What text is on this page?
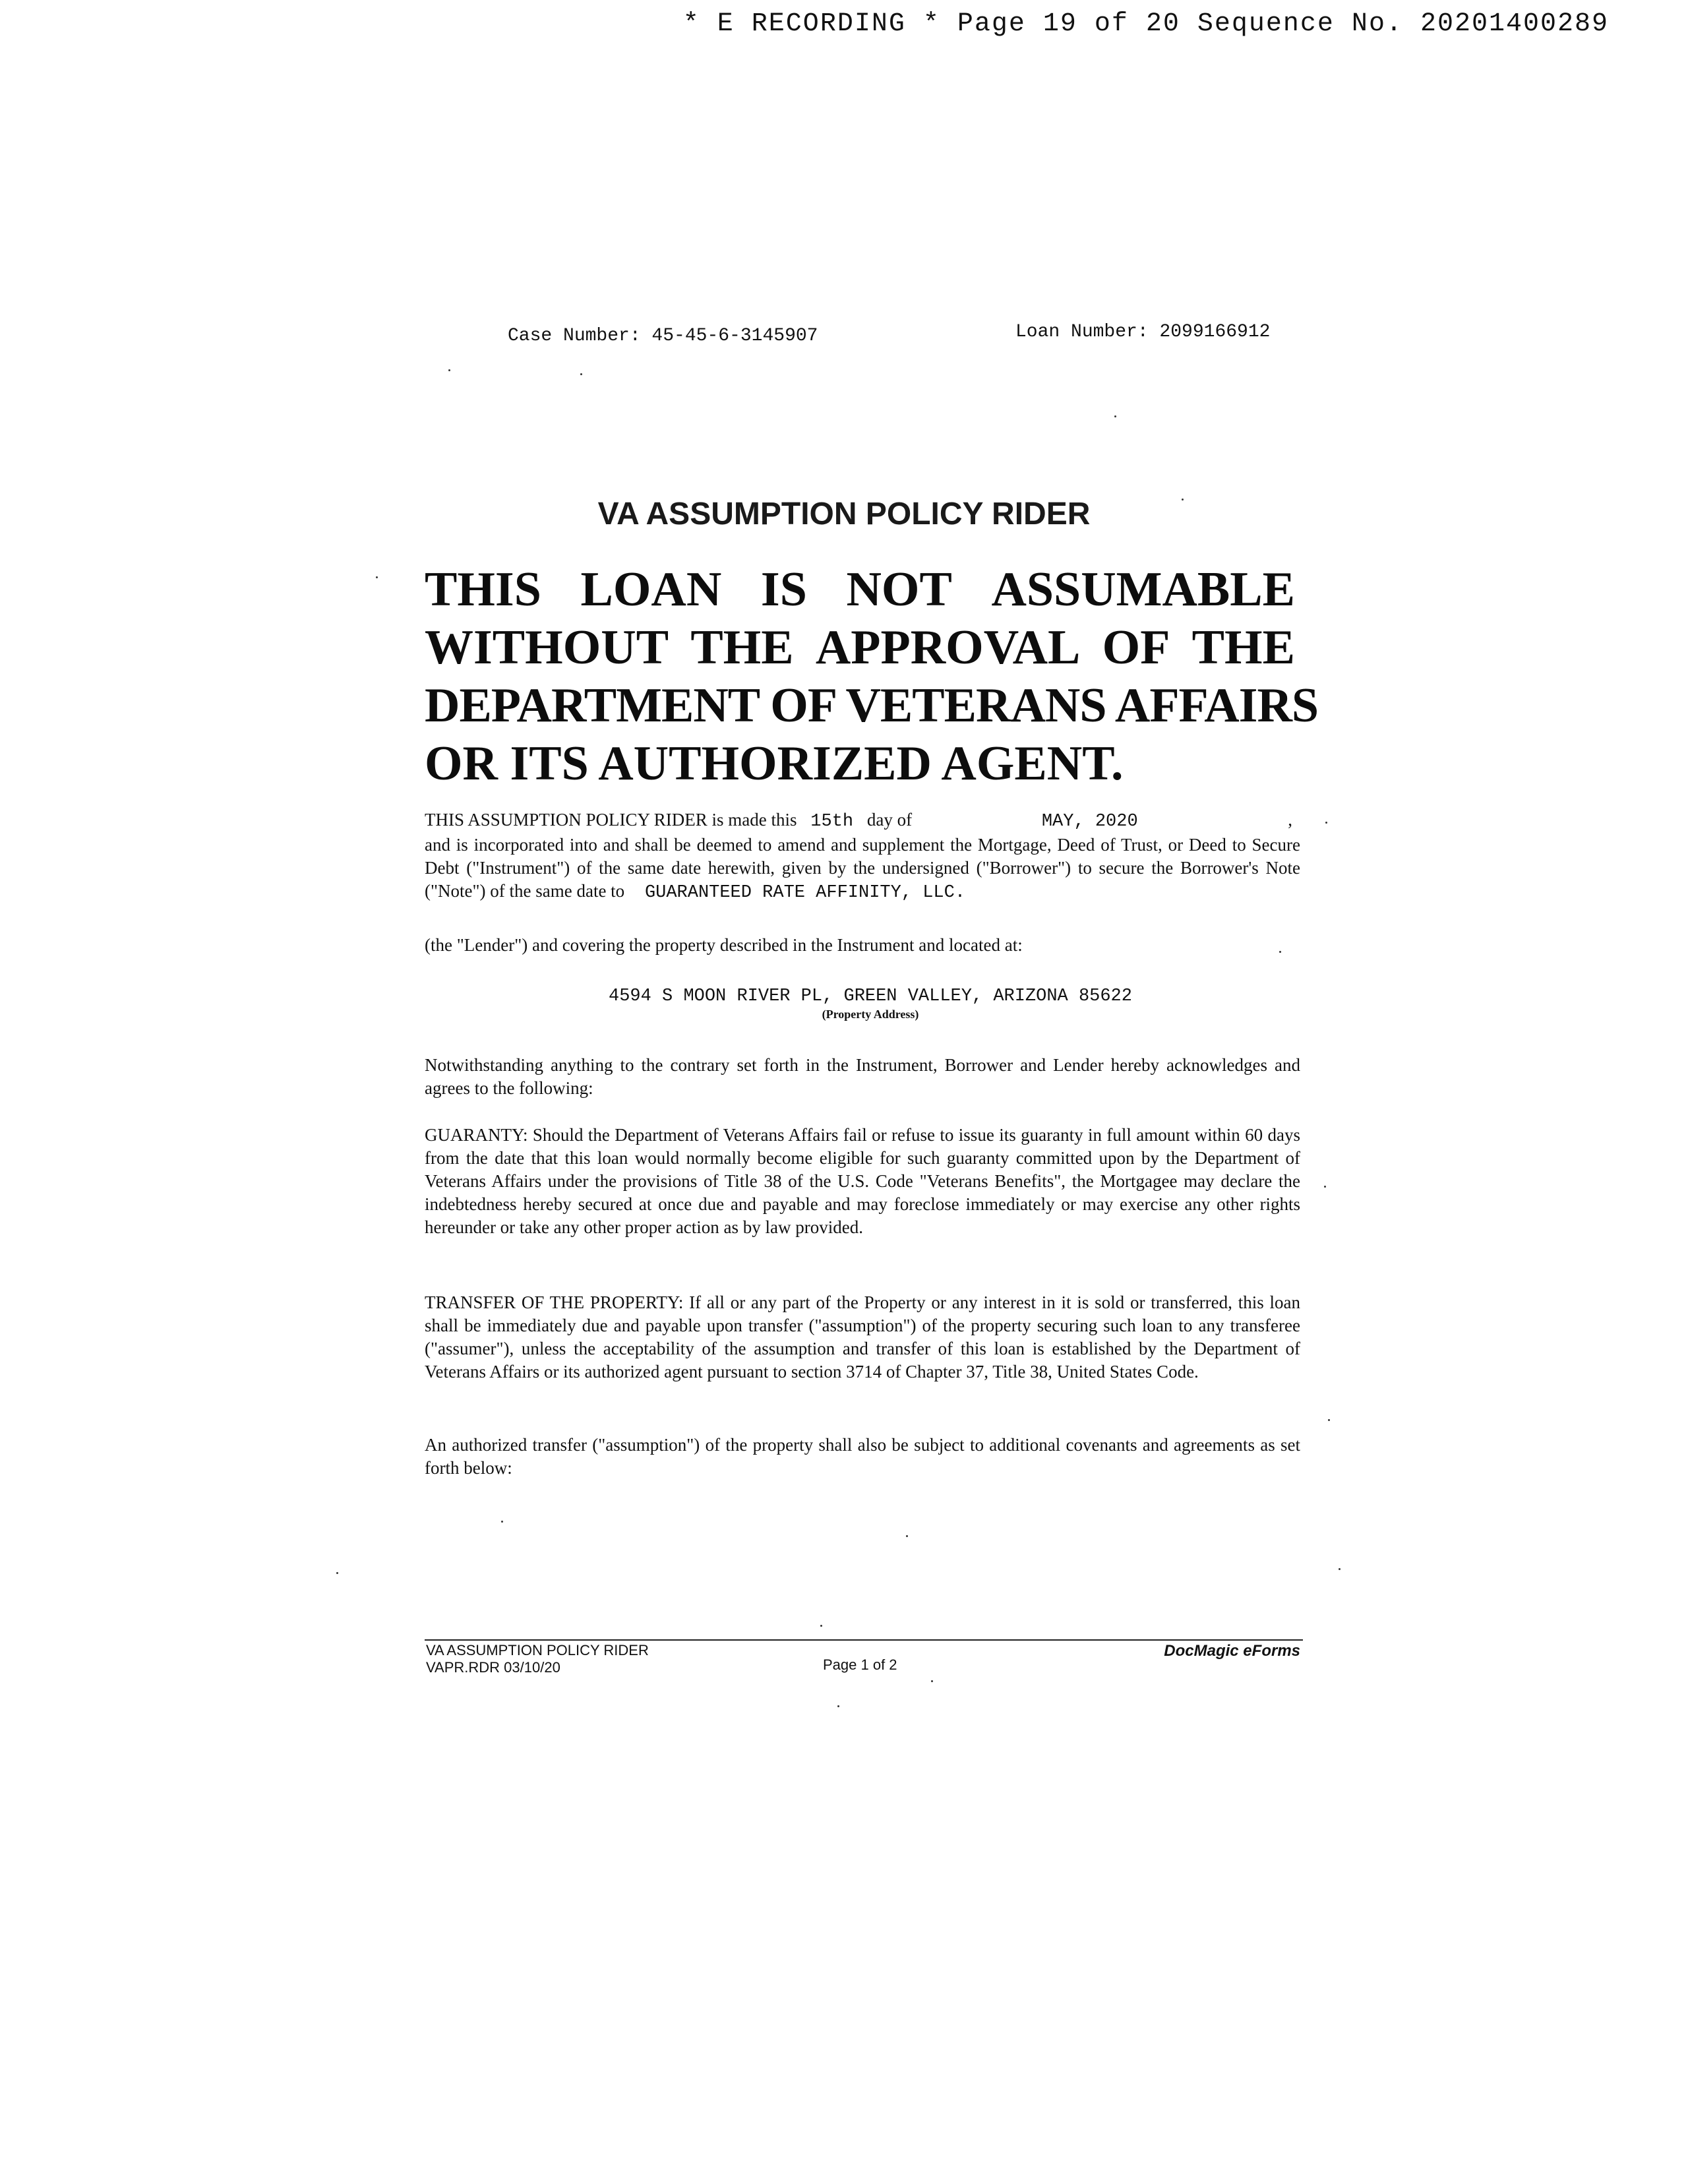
* E RECORDING * Page 19 of 20 Sequence No. 20201400289
Case Number: 45-45-6-3145907	Loan Number: 2099166912
VA ASSUMPTION POLICY RIDER
THIS LOAN IS NOT ASSUMABLE
WITHOUT THE APPROVAL OF THE
DEPARTMENT OF VETERANS AFFAIRS
OR ITS AUTHORIZED AGENT.

THIS ASSUMPTION POLICY RIDER is made this 15th day of	MAY, 2020	,

and is incorporated into and shall be deemed to amend and supplement the Mortgage, Deed of Trust, or Deed to Secure Debt ("Instrument") of the same date herewith, given by the undersigned ("Borrower") to secure the Borrower's Note ("Note") of the same date to GUARANTEED RATE AFFINITY, LLC.

(the "Lender") and covering the property described in the Instrument and located at:
4594 S MOON RIVER PL, GREEN VALLEY, ARIZONA 85622
(Property Address)

Notwithstanding anything to the contrary set forth in the Instrument, Borrower and Lender hereby acknowledges and agrees to the following:

GUARANTY: Should the Department of Veterans Affairs fail or refuse to issue its guaranty in full amount within 60 days from the date that this loan would normally become eligible for such guaranty committed upon by the Department of Veterans Affairs under the provisions of Title 38 of the U.S. Code "Veterans Benefits", the Mortgagee may declare the indebtedness hereby secured at once due and payable and may foreclose immediately or may exercise any other rights hereunder or take any other proper action as by law provided.

TRANSFER OF THE PROPERTY: If all or any part of the Property or any interest in it is sold or transferred, this loan shall be immediately due and payable upon transfer ("assumption") of the property securing such loan to any transferee ("assumer"), unless the acceptability of the assumption and transfer of this loan is established by the Department of Veterans Affairs or its authorized agent pursuant to section 3714 of Chapter 37, Title 38, United States Code.

An authorized transfer ("assumption") of the property shall also be subject to additional covenants and agreements as set forth below:

VA ASSUMPTION POLICY RIDER
VAPR.RDR 03/10/20	Page 1 of 2
DocMagic eForms
